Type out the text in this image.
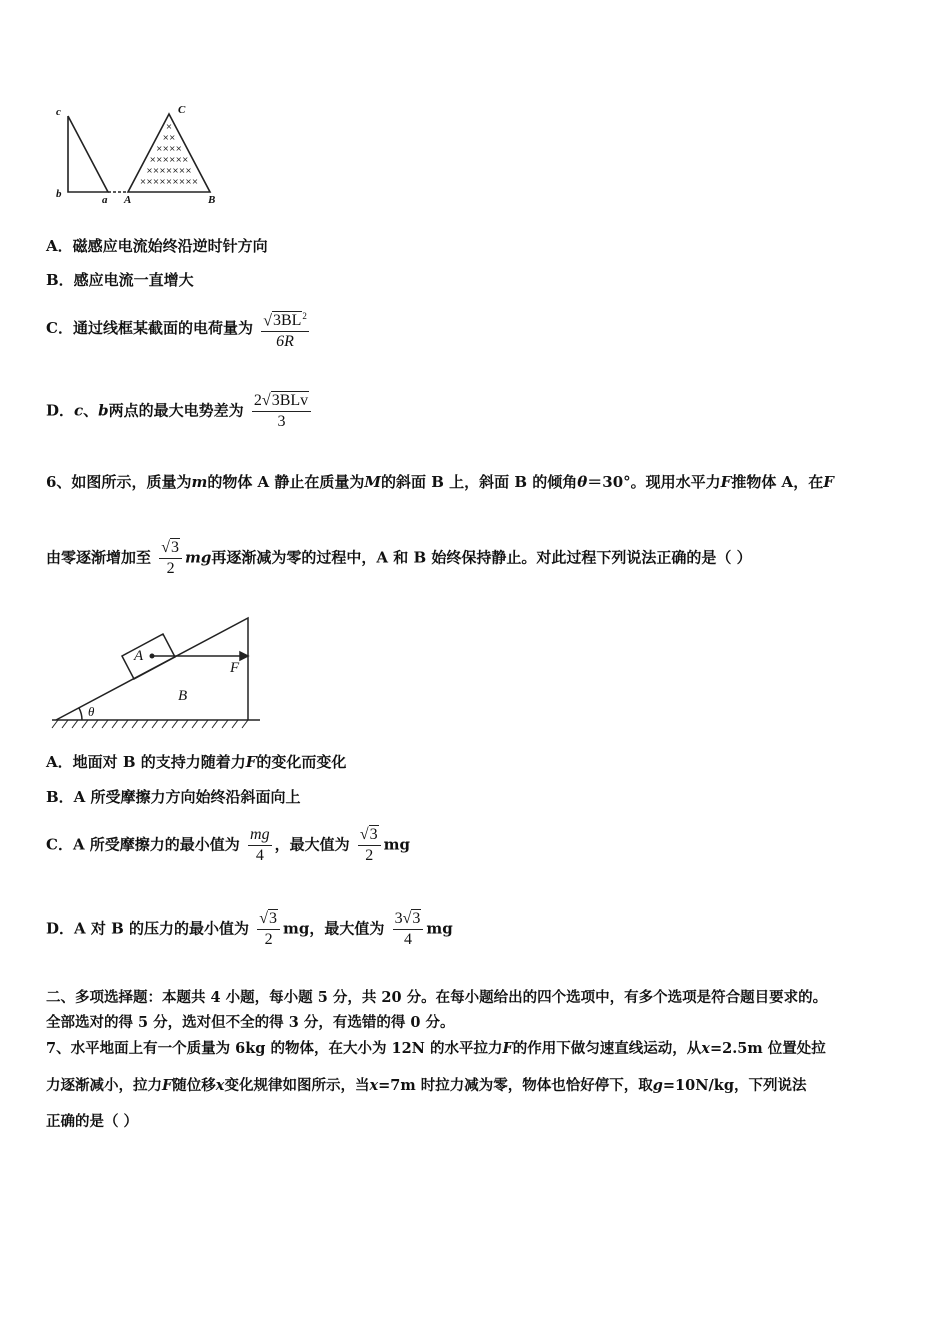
×
× ×
× × × ×
× × × × × ×
× × × × × × ×
× × × × × × × × ×
c
b	a
C
A	B
A．磁感应电流始终沿逆时针方向
B．感应电流一直增大
C．通过线框某截面的电荷量为 $\frac{√3BL^2}{6R}$
D．c、b两点的最大电势差为 $\frac{\text{2√3BLv}}{3}$
6、如图所示，质量为m的物体 A 静止在质量为M的斜面 B 上，斜面 B 的倾角θ＝30°。现用水平力F推物体 A，在F
由零逐渐增加至 $\frac{√3}{2}$ mg再逐渐减为零的过程中，A 和 B 始终保持静止。对此过程下列说法正确的是（ ）
A
F
B
θ
A．地面对 B 的支持力随着力F的变化而变化
B．A 所受摩擦力方向始终沿斜面向上
C．A 所受摩擦力的最小值为 $\frac{mg}{4}$ ，最大值为 $\frac{√3}{2}$ mg
D．A 对 B 的压力的最小值为 $\frac{√3}{2}$ mg，最大值为 $\frac{3√3}{4}$ mg
二、多项选择题：本题共 4 小题，每小题 5 分，共 20 分。在每小题给出的四个选项中，有多个选项是符合题目要求的。
全部选对的得 5 分，选对但不全的得 3 分，有选错的得 0 分。
7、水平地面上有一个质量为 6kg 的物体，在大小为 12N 的水平拉力F的作用下做匀速直线运动，从x=2.5m 位置处拉
力逐渐减小，拉力F随位移x变化规律如图所示，当x=7m 时拉力减为零，物体也恰好停下，取g=10N/kg，下列说法
正确的是（ ）
